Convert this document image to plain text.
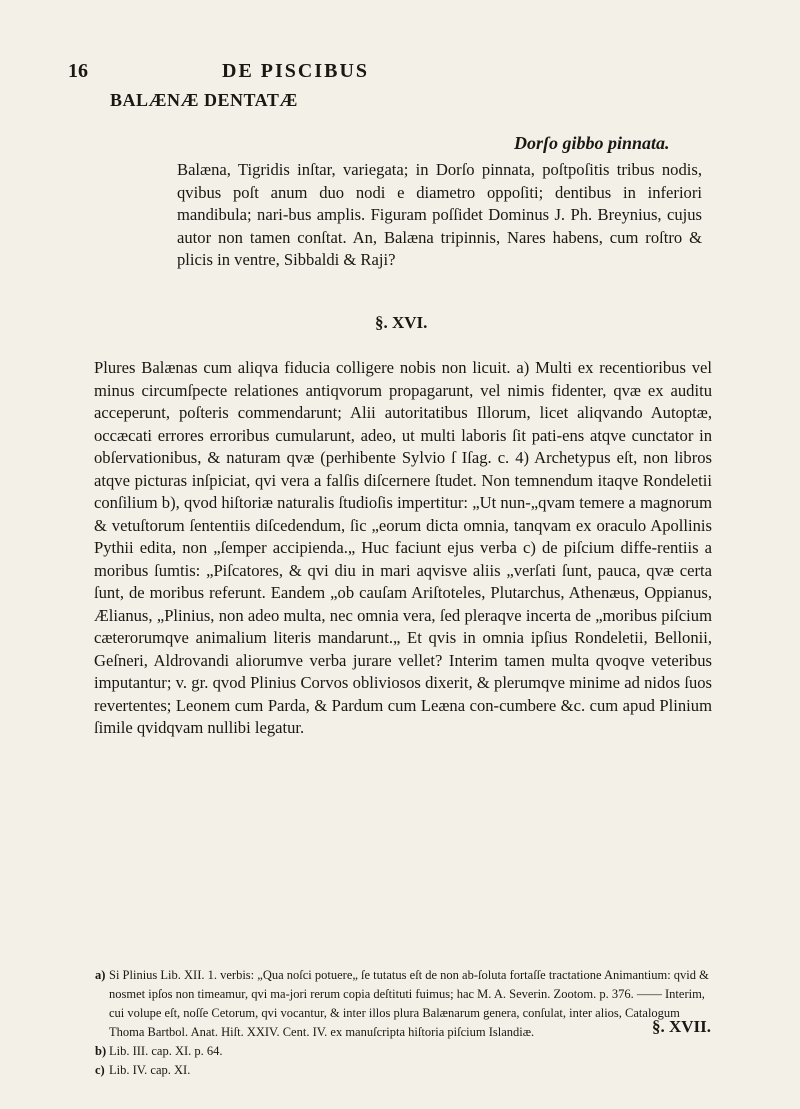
16	DE PISCIBUS
BALÆNÆ DENTATÆ
Dorſo gibbo pinnata.

Balæna, Tigridis inſtar, variegata; in Dorſo pinnata, poſtpoſitis tribus nodis, qvibus poſt anum duo nodi e diametro oppoſiti; dentibus in inferiori mandibula; nari-bus amplis. Figuram poſſidet Dominus J. Ph. Breynius, cujus autor non tamen conſtat. An, Balæna tripinnis, Nares habens, cum roſtro & plicis in ventre, Sibbaldi & Raji?

§. XVI.

Plures Balænas cum aliqva fiducia colligere nobis non licuit. a) Multi ex recentioribus vel minus circumſpecte relationes antiqvorum propagarunt, vel nimis fidenter, qvæ ex auditu acceperunt, poſteris commendarunt; Alii autoritatibus Illorum, licet aliqvando Autoptæ, occæcati errores erroribus cumularunt, adeo, ut multi laboris ſit pati-ens atqve cunctator in obſervationibus, & naturam qvæ (perhibente Sylvio ſ Iſag. c. 4) Archetypus eſt, non libros atqve picturas inſpiciat, qvi vera a falſis diſcernere ſtudet. Non temnendum itaqve Rondeletii conſilium b), qvod hiſtoriæ naturalis ſtudioſis impertitur: „Ut nun-„qvam temere a magnorum & vetuſtorum ſententiis diſcedendum, ſic „eorum dicta omnia, tanqvam ex oraculo Apollinis Pythii edita, non „ſemper accipienda.„ Huc faciunt ejus verba c) de piſcium diffe-rentiis a moribus ſumtis: „Piſcatores, & qvi diu in mari aqvisve aliis „verſati ſunt, pauca, qvæ certa ſunt, de moribus referunt. Eandem „ob cauſam Ariſtoteles, Plutarchus, Athenæus, Oppianus, Ælianus, „Plinius, non adeo multa, nec omnia vera, ſed pleraqve incerta de „moribus piſcium cæterorumqve animalium literis mandarunt.„ Et qvis in omnia ipſius Rondeletii, Bellonii, Geſneri, Aldrovandi aliorumve verba jurare vellet? Interim tamen multa qvoqve veteribus imputantur; v. gr. qvod Plinius Corvos obliviosos dixerit, & plerumqve minime ad nidos ſuos revertentes; Leonem cum Parda, & Pardum cum Leæna con-cumbere &c. cum apud Plinium ſimile qvidqvam nullibi legatur.

a) Si Plinius Lib. XII. 1. verbis: „Qua noſci potuere„ ſe tutatus eſt de non ab-ſoluta fortaſſe tractatione Animantium: qvid & nosmet ipſos non timeamur, qvi ma-jori rerum copia deſtituti fuimus; hac M. A. Severin. Zootom. p. 376. —— Interim, cui volupe eſt, noſſe Cetorum, qvi vocantur, & inter illos plura Balænarum genera, conſulat, inter alios, Catalogum Thoma Bartbol. Anat. Hiſt. XXIV. Cent. IV. ex manuſcripta hiſtoria piſcium Islandiæ.
b) Lib. III. cap. XI. p. 64.
c) Lib. IV. cap. XI.
§. XVII.
